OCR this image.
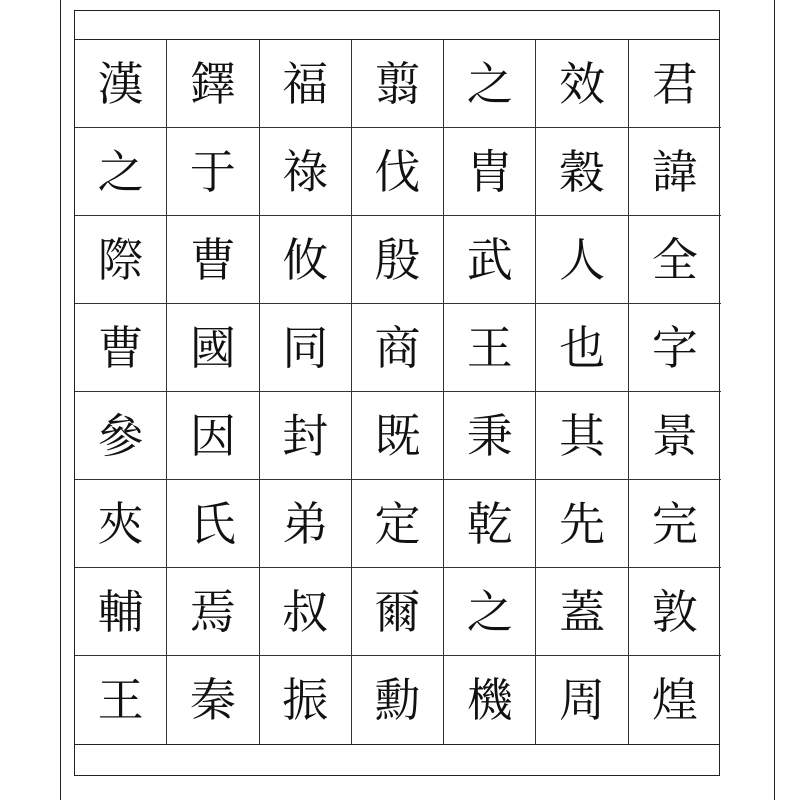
漢	鐸	福	翦	之	效	君
之	于	祿	伐	胄	穀	諱
際	曹	攸	殷	武	人	全
曹	國	同	商	王	也	字
參	因	封	既	秉	其	景
夾	氏	弟	定	乾	先	完
輔	焉	叔	爾	之	蓋	敦
王	秦	振	勳	機	周	煌
